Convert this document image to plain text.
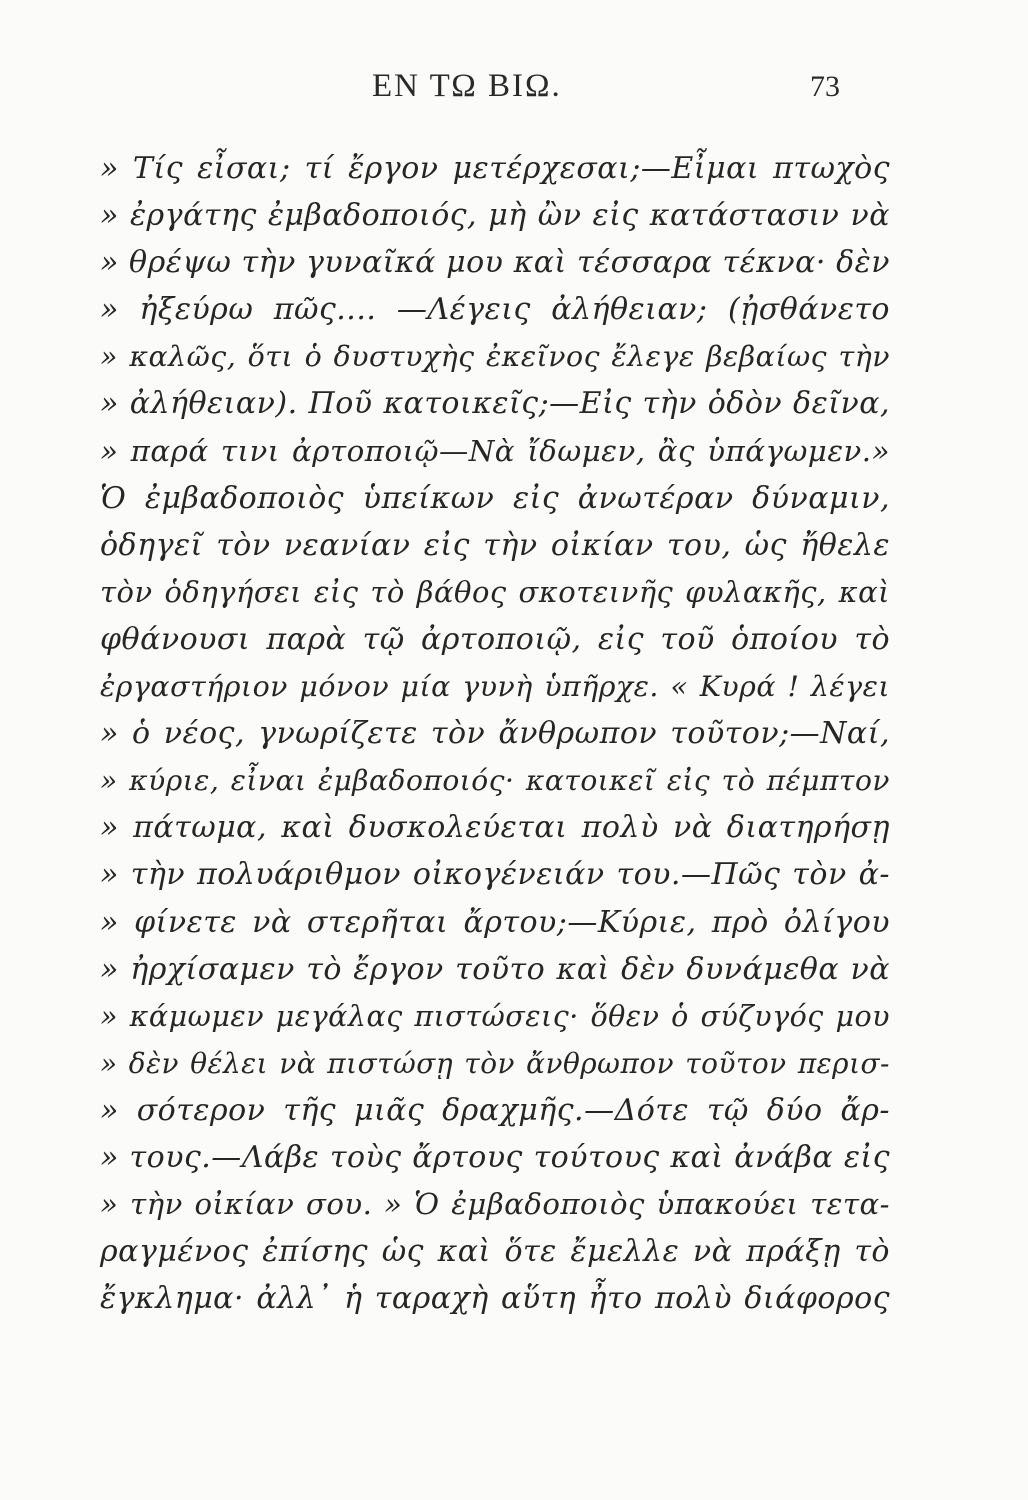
ΕΝ ΤΩ ΒΙΩ.	73
» Τίς εἶσαι; τί ἔργον μετέρχεσαι;—Εἶμαι πτωχὸς
» ἐργάτης ἐμβαδοποιός, μὴ ὢν εἰς κατάστασιν νὰ
» θρέψω τὴν γυναῖκά μου καὶ τέσσαρα τέκνα· δὲν
» ἠξεύρω πῶς.... —Λέγεις ἀλήθειαν; (ᾐσθάνετο
» καλῶς, ὅτι ὁ δυστυχὴς ἐκεῖνος ἔλεγε βεβαίως τὴν
» ἀλήθειαν). Ποῦ κατοικεῖς;—Εἰς τὴν ὁδὸν δεῖνα,
» παρά τινι ἀρτοποιῷ—Νὰ ἴδωμεν, ἂς ὑπάγωμεν.»
Ὁ ἐμβαδοποιὸς ὑπείκων εἰς ἀνωτέραν δύναμιν,
ὁδηγεῖ τὸν νεανίαν εἰς τὴν οἰκίαν του, ὡς ἤθελε
τὸν ὁδηγήσει εἰς τὸ βάθος σκοτεινῆς φυλακῆς, καὶ
φθάνουσι παρὰ τῷ ἀρτοποιῷ, εἰς τοῦ ὁποίου τὸ
ἐργαστήριον μόνον μία γυνὴ ὑπῆρχε. « Κυρά ! λέγει
» ὁ νέος, γνωρίζετε τὸν ἄνθρωπον τοῦτον;—Ναί,
» κύριε, εἶναι ἐμβαδοποιός· κατοικεῖ εἰς τὸ πέμπτον
» πάτωμα, καὶ δυσκολεύεται πολὺ νὰ διατηρήσῃ
» τὴν πολυάριθμον οἰκογένειάν του.—Πῶς τὸν ἀ-
» φίνετε νὰ στερῆται ἄρτου;—Κύριε, πρὸ ὀλίγου
» ἠρχίσαμεν τὸ ἔργον τοῦτο καὶ δὲν δυνάμεθα νὰ
» κάμωμεν μεγάλας πιστώσεις· ὅθεν ὁ σύζυγός μου
» δὲν θέλει νὰ πιστώσῃ τὸν ἄνθρωπον τοῦτον περισ-
» σότερον τῆς μιᾶς δραχμῆς.—Δότε τῷ δύο ἄρ-
» τους.—Λάβε τοὺς ἄρτους τούτους καὶ ἀνάβα εἰς
» τὴν οἰκίαν σου. » Ὁ ἐμβαδοποιὸς ὑπακούει τετα-
ραγμένος ἐπίσης ὡς καὶ ὅτε ἔμελλε νὰ πράξῃ τὸ
ἔγκλημα· ἀλλ᾽ ἡ ταραχὴ αὕτη ἦτο πολὺ διάφορος
